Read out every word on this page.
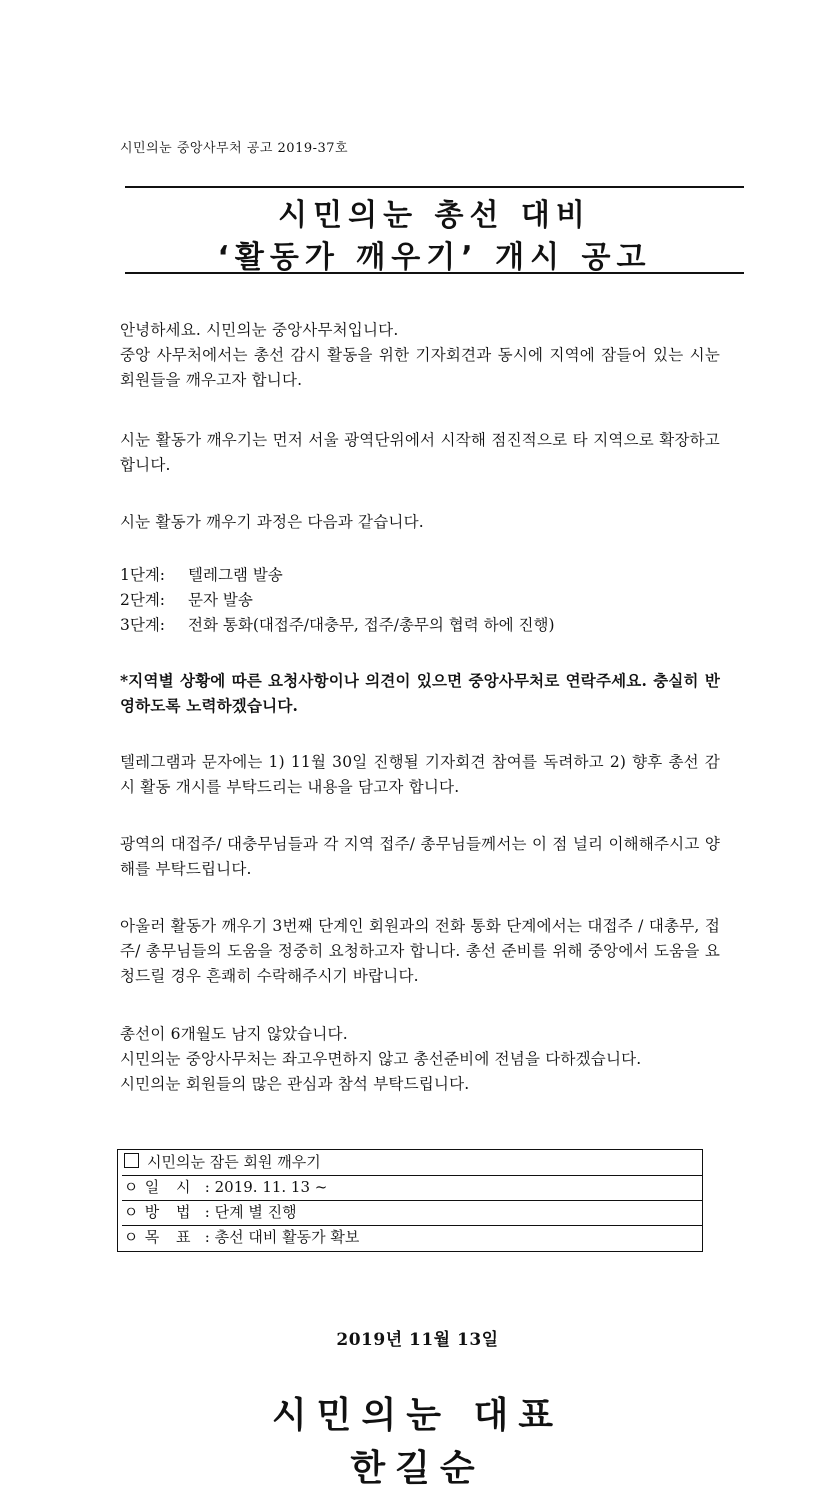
시민의눈 중앙사무처 공고 2019-37호
시민의눈 총선 대비
‘활동가 깨우기’ 개시 공고

안녕하세요. 시민의눈 중앙사무처입니다.

중앙 사무처에서는 총선 감시 활동을 위한 기자회견과 동시에 지역에 잠들어 있는 시눈 회원들을 깨우고자 합니다.

시눈 활동가 깨우기는 먼저 서울 광역단위에서 시작해 점진적으로 타 지역으로 확장하고 합니다.
시눈 활동가 깨우기 과정은 다음과 같습니다.
1단계: 텔레그램 발송
2단계: 문자 발송
3단계: 전화 통화(대접주/대충무, 접주/총무의 협력 하에 진행)

*지역별 상황에 따른 요청사항이나 의견이 있으면 중앙사무처로 연락주세요. 충실히 반영하도록 노력하겠습니다.

텔레그램과 문자에는 1) 11월 30일 진행될 기자회견 참여를 독려하고 2) 향후 총선 감시 활동 개시를 부탁드리는 내용을 담고자 합니다.
광역의 대접주/ 대충무님들과 각 지역 접주/ 총무님들께서는 이 점 널리 이해해주시고 양해를 부탁드립니다.
아울러 활동가 깨우기 3번째 단계인 회원과의 전화 통화 단계에서는 대접주 / 대총무, 접주/ 총무님들의 도움을 정중히 요청하고자 합니다. 총선 준비를 위해 중앙에서 도움을 요청드릴 경우 흔쾌히 수락해주시기 바랍니다.

총선이 6개월도 남지 않았습니다.

시민의눈 중앙사무처는 좌고우면하지 않고 총선준비에 전념을 다하겠습니다.

시민의눈 회원들의 많은 관심과 참석 부탁드립니다.

시민의눈 잠든 회원 깨우기
ㅇ 일 시 : 2019. 11. 13 ~
ㅇ 방 법 : 단계 별 진행
ㅇ 목 표 : 총선 대비 활동가 확보
2019년 11월 13일
시민의눈 대표
한길순
